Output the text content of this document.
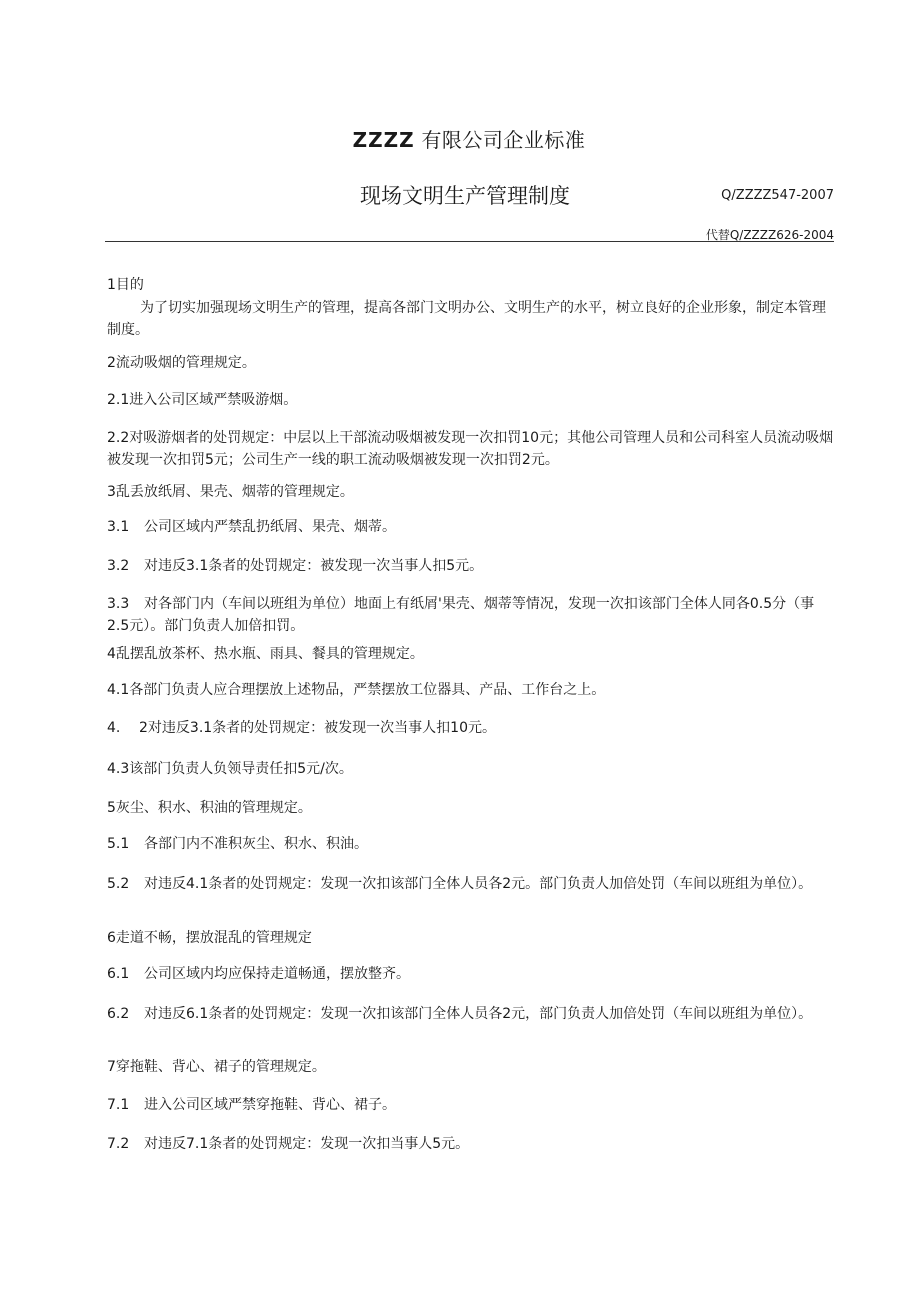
ZZZZ 有限公司企业标准
现场文明生产管理制度	Q/ZZZZ547-2007
代替Q/ZZZZ626-2004
1目的
为了切实加强现场文明生产的管理，提高各部门文明办公、文明生产的水平，树立良好的企业形象，制定本管理制度。
2流动吸烟的管理规定。
2.1进入公司区域严禁吸游烟。
2.2对吸游烟者的处罚规定：中层以上干部流动吸烟被发现一次扣罚10元；其他公司管理人员和公司科室人员流动吸烟被发现一次扣罚5元；公司生产一线的职工流动吸烟被发现一次扣罚2元。
3乱丢放纸屑、果壳、烟蒂的管理规定。
3.1 公司区域内严禁乱扔纸屑、果壳、烟蒂。
3.2 对违反3.1条者的处罚规定：被发现一次当事人扣5元。
3.3 对各部门内（车间以班组为单位）地面上有纸屑'果壳、烟蒂等情况，发现一次扣该部门全体人同各0.5分（事2.5元）。部门负责人加倍扣罚。
4乱摆乱放茶杯、热水瓶、雨具、餐具的管理规定。
4.1各部门负责人应合理摆放上述物品，严禁摆放工位器具、产品、工作台之上。
4. 2对违反3.1条者的处罚规定：被发现一次当事人扣10元。
4.3该部门负责人负领导责任扣5元/次。
5灰尘、积水、积油的管理规定。
5.1 各部门内不准积灰尘、积水、积油。
5.2 对违反4.1条者的处罚规定：发现一次扣该部门全体人员各2元。部门负责人加倍处罚（车间以班组为单位）。
6走道不畅，摆放混乱的管理规定
6.1 公司区域内均应保持走道畅通，摆放整齐。
6.2 对违反6.1条者的处罚规定：发现一次扣该部门全体人员各2元，部门负责人加倍处罚（车间以班组为单位）。
7穿拖鞋、背心、裙子的管理规定。
7.1 进入公司区域严禁穿拖鞋、背心、裙子。
7.2 对违反7.1条者的处罚规定：发现一次扣当事人5元。
